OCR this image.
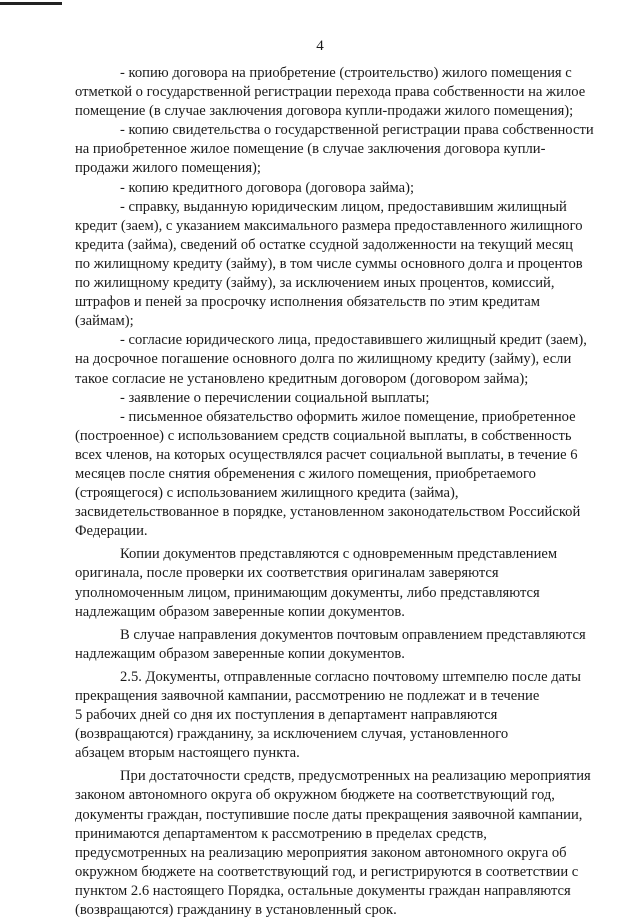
4

- копию договора на приобретение (строительство) жилого помещения с
отметкой о государственной регистрации перехода права собственности на жилое
помещение (в случае заключения договора купли-продажи жилого помещения);

- копию свидетельства о государственной регистрации права собственности
на приобретенное жилое помещение (в случае заключения договора купли-
продажи жилого помещения);

- копию кредитного договора (договора займа);

- справку, выданную юридическим лицом, предоставившим жилищный
кредит (заем), с указанием максимального размера предоставленного жилищного
кредита (займа), сведений об остатке ссудной задолженности на текущий месяц
по жилищному кредиту (займу), в том числе суммы основного долга и процентов
по жилищному кредиту (займу), за исключением иных процентов, комиссий,
штрафов и пеней за просрочку исполнения обязательств по этим кредитам
(займам);

- согласие юридического лица, предоставившего жилищный кредит (заем),
на досрочное погашение основного долга по жилищному кредиту (займу), если
такое согласие не установлено кредитным договором (договором займа);

- заявление о перечислении социальной выплаты;

- письменное обязательство оформить жилое помещение, приобретенное
(построенное) с использованием средств социальной выплаты, в собственность
всех членов, на которых осуществлялся расчет социальной выплаты, в течение 6
месяцев после снятия обременения с жилого помещения, приобретаемого
(строящегося) с использованием жилищного кредита (займа),
засвидетельствованное в порядке, установленном законодательством Российской
Федерации.

Копии документов представляются с одновременным представлением
оригинала, после проверки их соответствия оригиналам заверяются
уполномоченным лицом, принимающим документы, либо представляются
надлежащим образом заверенные копии документов.

В случае направления документов почтовым оправлением представляются
надлежащим образом заверенные копии документов.

2.5. Документы, отправленные согласно почтовому штемпелю после даты
прекращения заявочной кампании, рассмотрению не подлежат и в течение
5 рабочих дней со дня их поступления в департамент направляются
(возвращаются) гражданину, за исключением случая, установленного
абзацем вторым настоящего пункта.

При достаточности средств, предусмотренных на реализацию мероприятия
законом автономного округа об окружном бюджете на соответствующий год,
документы граждан, поступившие после даты прекращения заявочной кампании,
принимаются департаментом к рассмотрению в пределах средств,
предусмотренных на реализацию мероприятия законом автономного округа об
окружном бюджете на соответствующий год, и регистрируются в соответствии с
пунктом 2.6 настоящего Порядка, остальные документы граждан направляются
(возвращаются) гражданину в установленный срок.
